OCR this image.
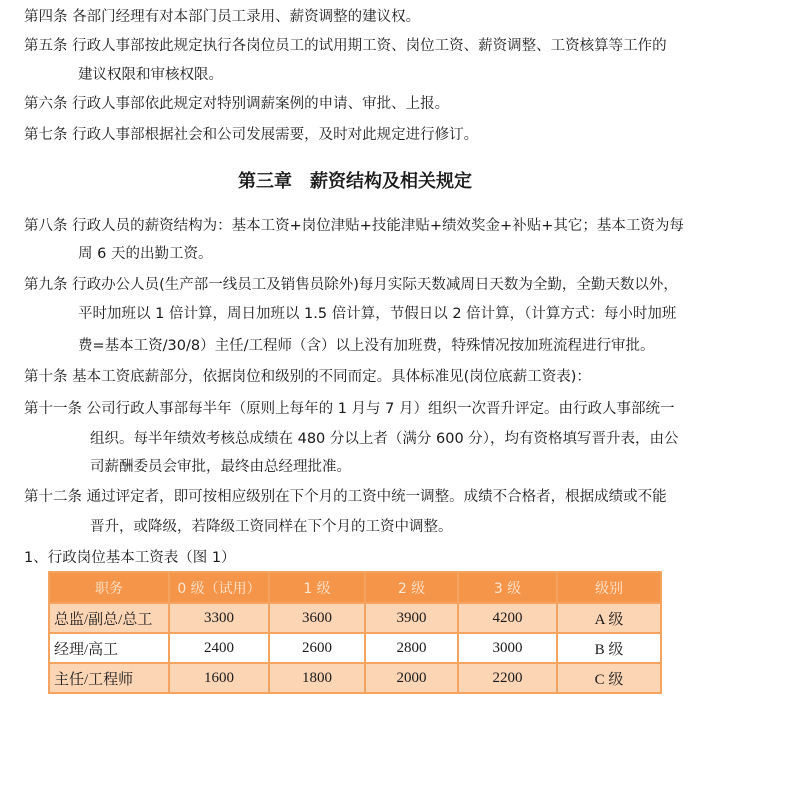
第四条 各部门经理有对本部门员工录用、薪资调整的建议权。
第五条 行政人事部按此规定执行各岗位员工的试用期工资、岗位工资、薪资调整、工资核算等工作的
建议权限和审核权限。
第六条 行政人事部依此规定对特别调薪案例的申请、审批、上报。
第七条 行政人事部根据社会和公司发展需要，及时对此规定进行修订。
第三章　薪资结构及相关规定
第八条 行政人员的薪资结构为：基本工资+岗位津贴+技能津贴+绩效奖金+补贴+其它；基本工资为每
周 6 天的出勤工资。
第九条 行政办公人员(生产部一线员工及销售员除外)每月实际天数减周日天数为全勤，全勤天数以外，
平时加班以 1 倍计算，周日加班以 1.5 倍计算，节假日以 2 倍计算，（计算方式：每小时加班
费=基本工资/30/8）主任/工程师（含）以上没有加班费，特殊情况按加班流程进行审批。
第十条 基本工资底薪部分，依据岗位和级别的不同而定。具体标准见(岗位底薪工资表)：
第十一条 公司行政人事部每半年（原则上每年的 1 月与 7 月）组织一次晋升评定。由行政人事部统一
组织。每半年绩效考核总成绩在 480 分以上者（满分 600 分），均有资格填写晋升表，由公
司薪酬委员会审批，最终由总经理批准。
第十二条 通过评定者，即可按相应级别在下个月的工资中统一调整。成绩不合格者，根据成绩或不能
晋升，或降级，若降级工资同样在下个月的工资中调整。
1、行政岗位基本工资表（图 1）
职务	0 级（试用）	1 级	2 级	3 级	级别
总监/副总/总工	3300	3600	3900	4200	A 级
经理/高工	2400	2600	2800	3000	B 级
主任/工程师	1600	1800	2000	2200	C 级
